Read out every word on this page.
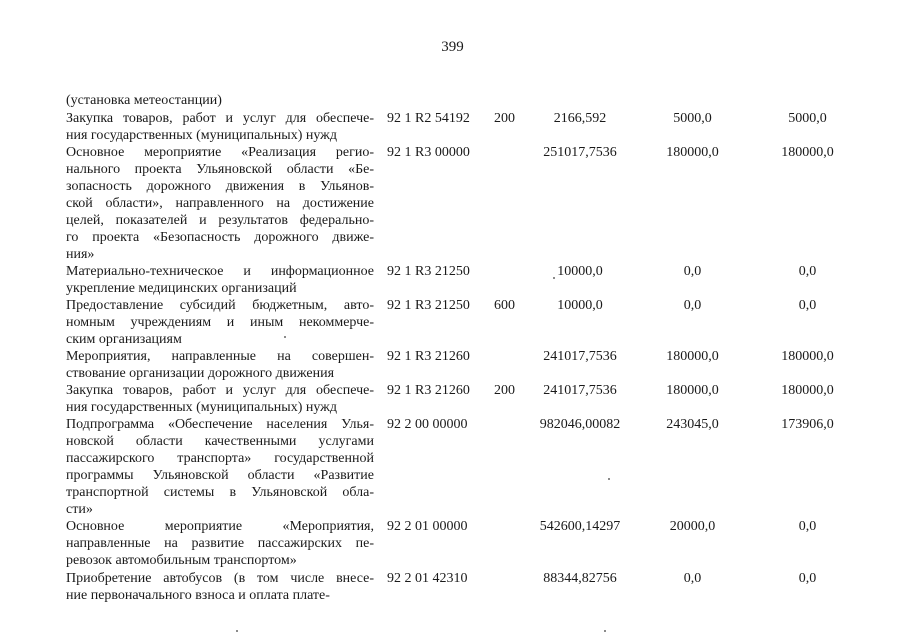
399
(установка метеостанции)
Закупка товаров, работ и услуг для обеспече-
ния государственных (муниципальных) нужд
92 1 R2 54192 200	2166,592	5000,0	5000,0
Основное мероприятие «Реализация регио-
нального проекта Ульяновской области «Бе-
зопасность дорожного движения в Ульянов-
ской области», направленного на достижение
целей, показателей и результатов федерально-
го проекта «Безопасность дорожного движе-
ния»
92 1 R3 00000	251017,7536	180000,0	180000,0
Материально-техническое и информационное
укрепление медицинских организаций
92 1 R3 21250	10000,0	0,0	0,0
Предоставление субсидий бюджетным, авто-
номным учреждениям и иным некоммерче-
ским организациям
92 1 R3 21250 600	10000,0	0,0	0,0
Мероприятия, направленные на совершен-
ствование организации дорожного движения
92 1 R3 21260	241017,7536	180000,0	180000,0
Закупка товаров, работ и услуг для обеспече-
ния государственных (муниципальных) нужд
92 1 R3 21260 200	241017,7536	180000,0	180000,0
Подпрограмма «Обеспечение населения Улья-
новской области качественными услугами
пассажирского транспорта» государственной
программы Ульяновской области «Развитие
транспортной системы в Ульяновской обла-
сти»
92 2 00 00000	982046,00082	243045,0	173906,0
Основное мероприятие «Мероприятия,
направленные на развитие пассажирских пе-
ревозок автомобильным транспортом»
92 2 01 00000	542600,14297	20000,0	0,0
Приобретение автобусов (в том числе внесе-
ние первоначального взноса и оплата плате-
92 2 01 42310	88344,82756	0,0	0,0
